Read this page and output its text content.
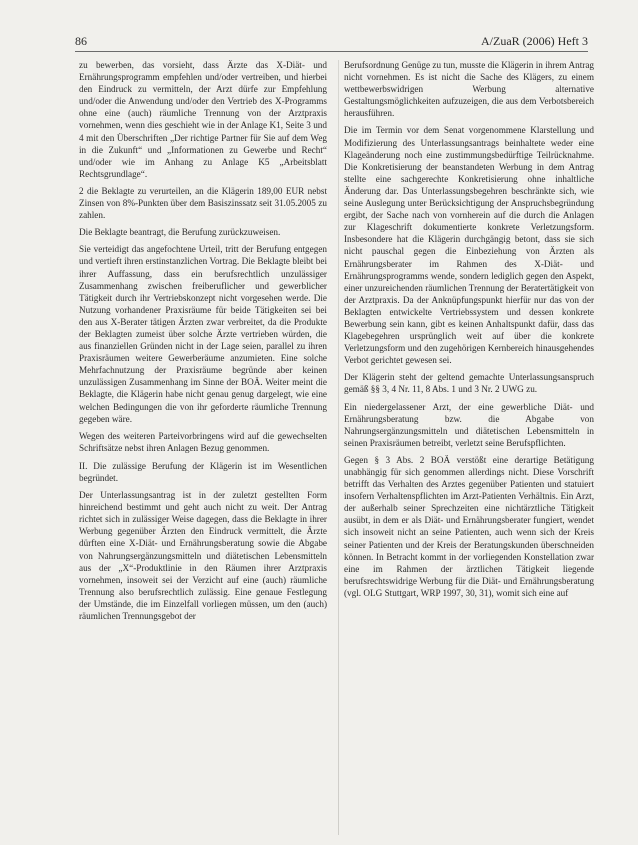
86	A/ZuaR (2006) Heft 3

zu bewerben, das vorsieht, dass Ärzte das X-Diät- und Ernährungsprogramm empfehlen und/oder vertreiben, und hierbei den Eindruck zu vermitteln, der Arzt dürfe zur Empfehlung und/oder die Anwendung und/oder den Vertrieb des X-Programms ohne eine (auch) räumliche Trennung von der Arztpraxis vornehmen, wenn dies geschieht wie in der Anlage K1, Seite 3 und 4 mit den Überschriften „Der richtige Partner für Sie auf dem Weg in die Zukunft“ und „Informationen zu Gewerbe und Recht“ und/oder wie im Anhang zu Anlage K5 „Arbeitsblatt Rechtsgrundlage“.

2 die Beklagte zu verurteilen, an die Klägerin 189,00 EUR nebst Zinsen von 8%-Punkten über dem Basiszinssatz seit 31.05.2005 zu zahlen.

Die Beklagte beantragt, die Berufung zurückzuweisen.

Sie verteidigt das angefochtene Urteil, tritt der Berufung entgegen und vertieft ihren erstinstanzlichen Vortrag. Die Beklagte bleibt bei ihrer Auffassung, dass ein berufsrechtlich unzulässiger Zusammenhang zwischen freiberuflicher und gewerblicher Tätigkeit durch ihr Vertriebskonzept nicht vorgesehen werde. Die Nutzung vorhandener Praxisräume für beide Tätigkeiten sei bei den aus X-Berater tätigen Ärzten zwar verbreitet, da die Produkte der Beklagten zumeist über solche Ärzte vertrieben würden, die aus finanziellen Gründen nicht in der Lage seien, parallel zu ihren Praxisräumen weitere Gewerberäume anzumieten. Eine solche Mehrfachnutzung der Praxisräume begründe aber keinen unzulässigen Zusammenhang im Sinne der BOÄ. Weiter meint die Beklagte, die Klägerin habe nicht genau genug dargelegt, wie eine welchen Bedingungen die von ihr geforderte räumliche Trennung gegeben wäre.

Wegen des weiteren Parteivorbringens wird auf die gewechselten Schriftsätze nebst ihren Anlagen Bezug genommen.

II. Die zulässige Berufung der Klägerin ist im Wesentlichen begründet.

Der Unterlassungsantrag ist in der zuletzt gestellten Form hinreichend bestimmt und geht auch nicht zu weit. Der Antrag richtet sich in zulässiger Weise dagegen, dass die Beklagte in ihrer Werbung gegenüber Ärzten den Eindruck vermittelt, die Ärzte dürften eine X-Diät- und Ernährungsberatung sowie die Abgabe von Nahrungsergänzungsmitteln und diätetischen Lebensmitteln aus der „X“-Produktlinie in den Räumen ihrer Arztpraxis vornehmen, insoweit sei der Verzicht auf eine (auch) räumliche Trennung also berufsrechtlich zulässig. Eine genaue Festlegung der Umstände, die im Einzelfall vorliegen müssen, um den (auch) räumlichen Trennungsgebot der

Berufsordnung Genüge zu tun, musste die Klägerin in ihrem Antrag nicht vornehmen. Es ist nicht die Sache des Klägers, zu einem wettbewerbswidrigen Werbung alternative Gestaltungsmöglichkeiten aufzuzeigen, die aus dem Verbotsbereich herausführen.

Die im Termin vor dem Senat vorgenommene Klarstellung und Modifizierung des Unterlassungsantrags beinhaltete weder eine Klageänderung noch eine zustimmungsbedürftige Teilrücknahme. Die Konkretisierung der beanstandeten Werbung in dem Antrag stellte eine sachgerechte Konkretisierung ohne inhaltliche Änderung dar. Das Unterlassungsbegehren beschränkte sich, wie seine Auslegung unter Berücksichtigung der Anspruchsbegründung ergibt, der Sache nach von vornherein auf die durch die Anlagen zur Klageschrift dokumentierte konkrete Verletzungsform. Insbesondere hat die Klägerin durchgängig betont, dass sie sich nicht pauschal gegen die Einbeziehung von Ärzten als Ernährungsberater im Rahmen des X-Diät- und Ernährungsprogramms wende, sondern lediglich gegen den Aspekt, einer unzureichenden räumlichen Trennung der Beratertätigkeit von der Arztpraxis. Da der Anknüpfungspunkt hierfür nur das von der Beklagten entwickelte Vertriebssystem und dessen konkrete Bewerbung sein kann, gibt es keinen Anhaltspunkt dafür, dass das Klagebegehren ursprünglich weit auf über die konkrete Verletzungsform und den zugehörigen Kernbereich hinausgehendes Verbot gerichtet gewesen sei.

Der Klägerin steht der geltend gemachte Unterlassungsanspruch gemäß §§ 3, 4 Nr. 11, 8 Abs. 1 und 3 Nr. 2 UWG zu.

Ein niedergelassener Arzt, der eine gewerbliche Diät- und Ernährungsberatung bzw. die Abgabe von Nahrungsergänzungsmitteln und diätetischen Lebensmitteln in seinen Praxisräumen betreibt, verletzt seine Berufspflichten.

Gegen § 3 Abs. 2 BOÄ verstößt eine derartige Betätigung unabhängig für sich genommen allerdings nicht. Diese Vorschrift betrifft das Verhalten des Arztes gegenüber Patienten und statuiert insofern Verhaltenspflichten im Arzt-Patienten Verhältnis. Ein Arzt, der außerhalb seiner Sprechzeiten eine nichtärztliche Tätigkeit ausübt, in dem er als Diät- und Ernährungsberater fungiert, wendet sich insoweit nicht an seine Patienten, auch wenn sich der Kreis seiner Patienten und der Kreis der Beratungskunden überschneiden können. In Betracht kommt in der vorliegenden Konstellation zwar eine im Rahmen der ärztlichen Tätigkeit liegende berufsrechtswidrige Werbung für die Diät- und Ernährungsberatung (vgl. OLG Stuttgart, WRP 1997, 30, 31), womit sich eine auf
